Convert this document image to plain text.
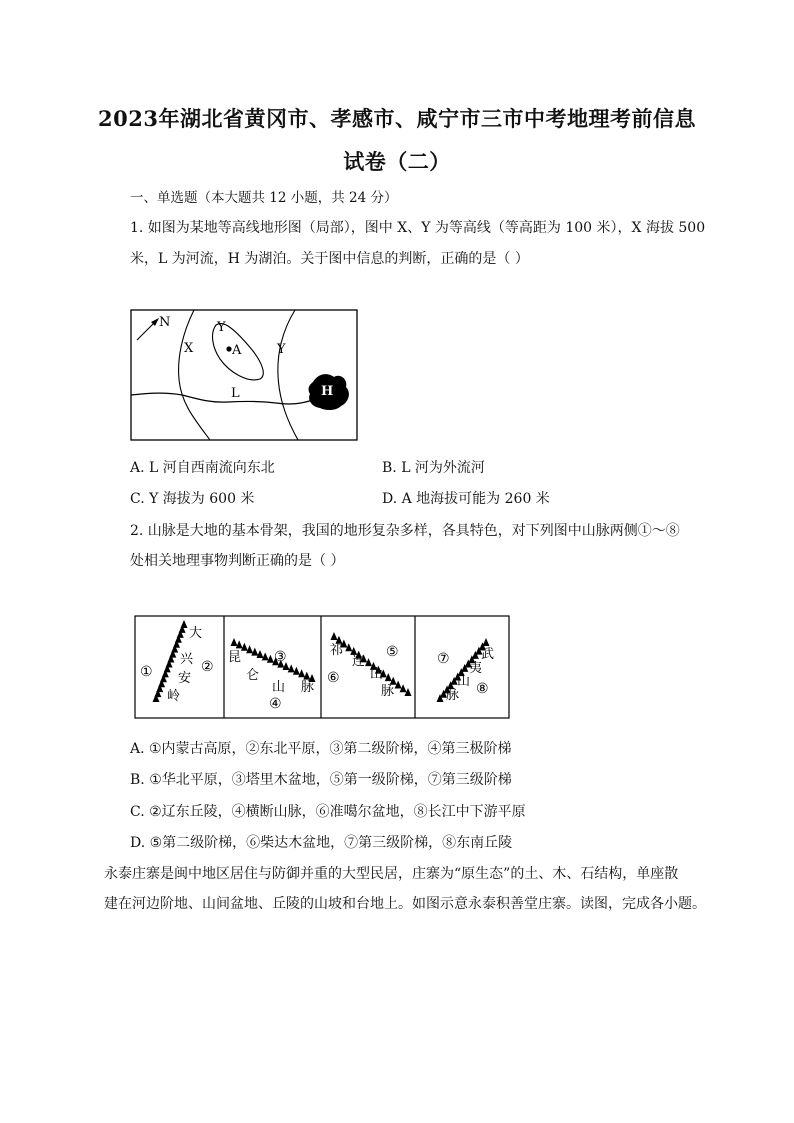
2023年湖北省黄冈市、孝感市、咸宁市三市中考地理考前信息
试卷（二）
一、单选题（本大题共 12 小题，共 24 分）
1. 如图为某地等高线地形图（局部），图中 X、Y 为等高线（等高距为 100 米），X 海拔 500
米，L 为河流，H 为湖泊。关于图中信息的判断，正确的是（ ）
N
X	Y
Y
A
L	H
A. L 河自西南流向东北	B. L 河为外流河
C. Y 海拔为 600 米	D. A 地海拔可能为 260 米
2. 山脉是大地的基本骨架，我国的地形复杂多样，各具特色，对下列图中山脉两侧①～⑧
处相关地理事物判断正确的是（ ）
大
兴
安
岭
①	②
昆
仑
山 脉
③
④
祁
连
山
脉
⑤
⑥
武
夷
山
脉
⑦
⑧
A. ①内蒙古高原，②东北平原，③第二级阶梯，④第三极阶梯
B. ①华北平原，③塔里木盆地，⑤第一级阶梯，⑦第三级阶梯
C. ②辽东丘陵，④横断山脉，⑥准噶尔盆地，⑧长江中下游平原
D. ⑤第二级阶梯，⑥柴达木盆地，⑦第三级阶梯，⑧东南丘陵
永泰庄寨是闽中地区居住与防御并重的大型民居，庄寨为“原生态”的土、木、石结构，单座散
建在河边阶地、山间盆地、丘陵的山坡和台地上。如图示意永泰积善堂庄寨。读图，完成各小题。
